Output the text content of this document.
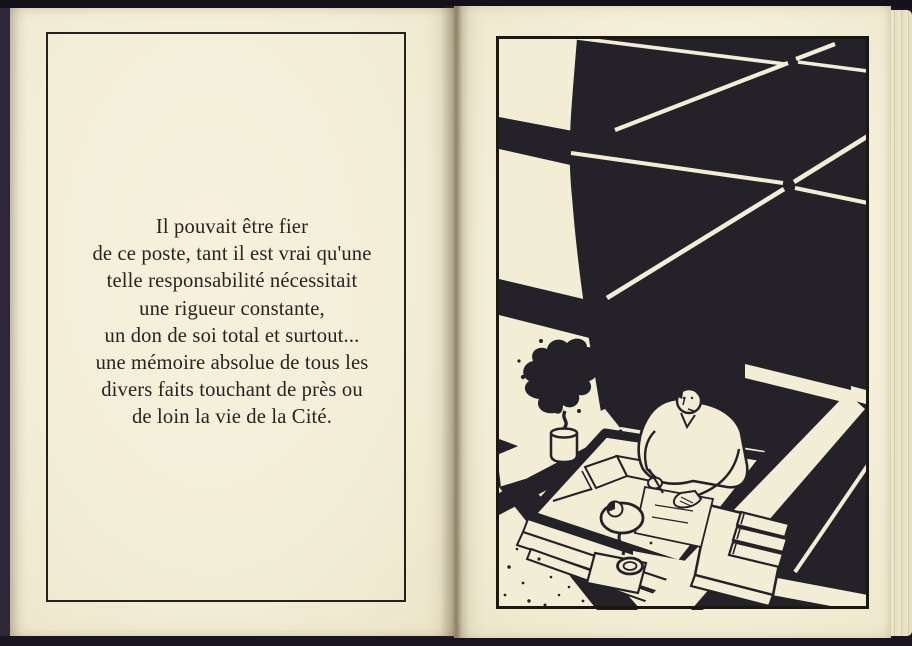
Il pouvait être fier
de ce poste, tant il est vrai qu'une
telle responsabilité nécessitait
une rigueur constante,
un don de soi total et surtout...
une mémoire absolue de tous les
divers faits touchant de près ou
de loin la vie de la Cité.
